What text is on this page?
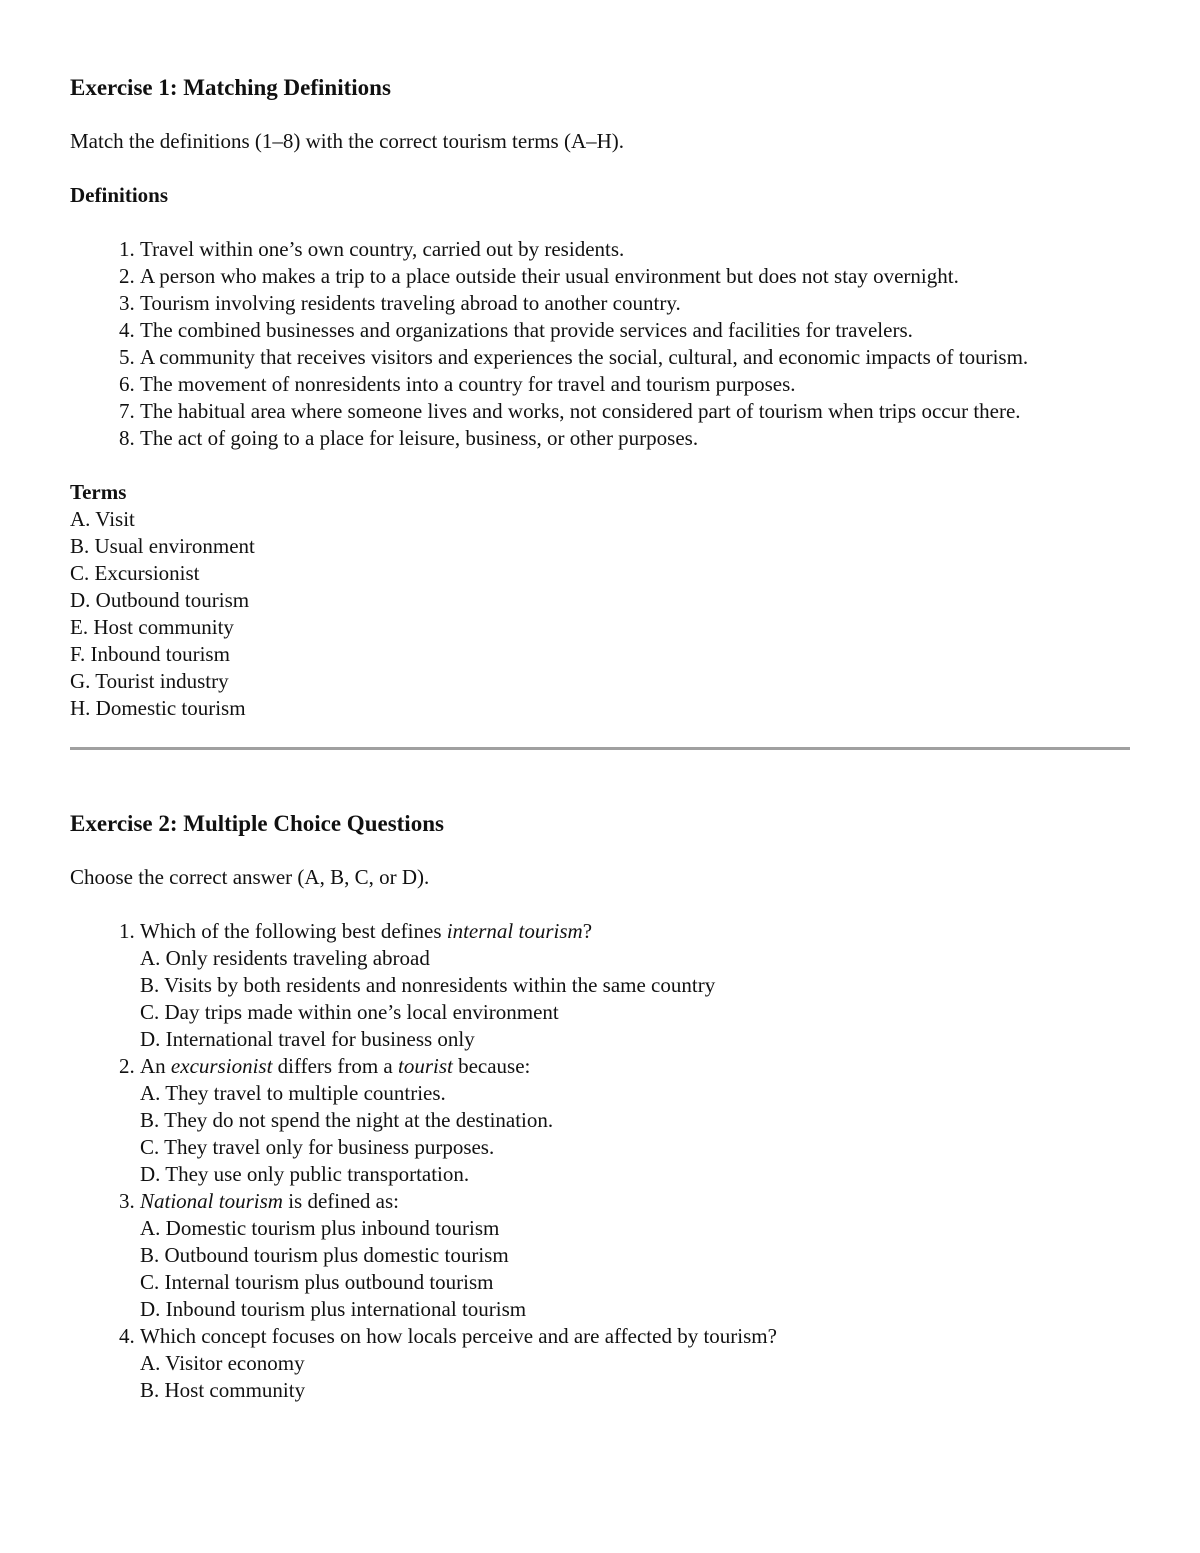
Exercise 1: Matching Definitions

Match the definitions (1–8) with the correct tourism terms (A–H).

Definitions

1. Travel within one’s own country, carried out by residents.
2. A person who makes a trip to a place outside their usual environment but does not stay overnight.
3. Tourism involving residents traveling abroad to another country.
4. The combined businesses and organizations that provide services and facilities for travelers.
5. A community that receives visitors and experiences the social, cultural, and economic impacts of tourism.
6. The movement of nonresidents into a country for travel and tourism purposes.
7. The habitual area where someone lives and works, not considered part of tourism when trips occur there.
8. The act of going to a place for leisure, business, or other purposes.

Terms

A. Visit
B. Usual environment
C. Excursionist
D. Outbound tourism
E. Host community
F. Inbound tourism
G. Tourist industry
H. Domestic tourism
Exercise 2: Multiple Choice Questions

Choose the correct answer (A, B, C, or D).

1. Which of the following best defines internal tourism?
A. Only residents traveling abroad
B. Visits by both residents and nonresidents within the same country
C. Day trips made within one’s local environment
D. International travel for business only
2. An excursionist differs from a tourist because:
A. They travel to multiple countries.
B. They do not spend the night at the destination.
C. They travel only for business purposes.
D. They use only public transportation.
3. National tourism is defined as:
A. Domestic tourism plus inbound tourism
B. Outbound tourism plus domestic tourism
C. Internal tourism plus outbound tourism
D. Inbound tourism plus international tourism
4. Which concept focuses on how locals perceive and are affected by tourism?
A. Visitor economy
B. Host community
